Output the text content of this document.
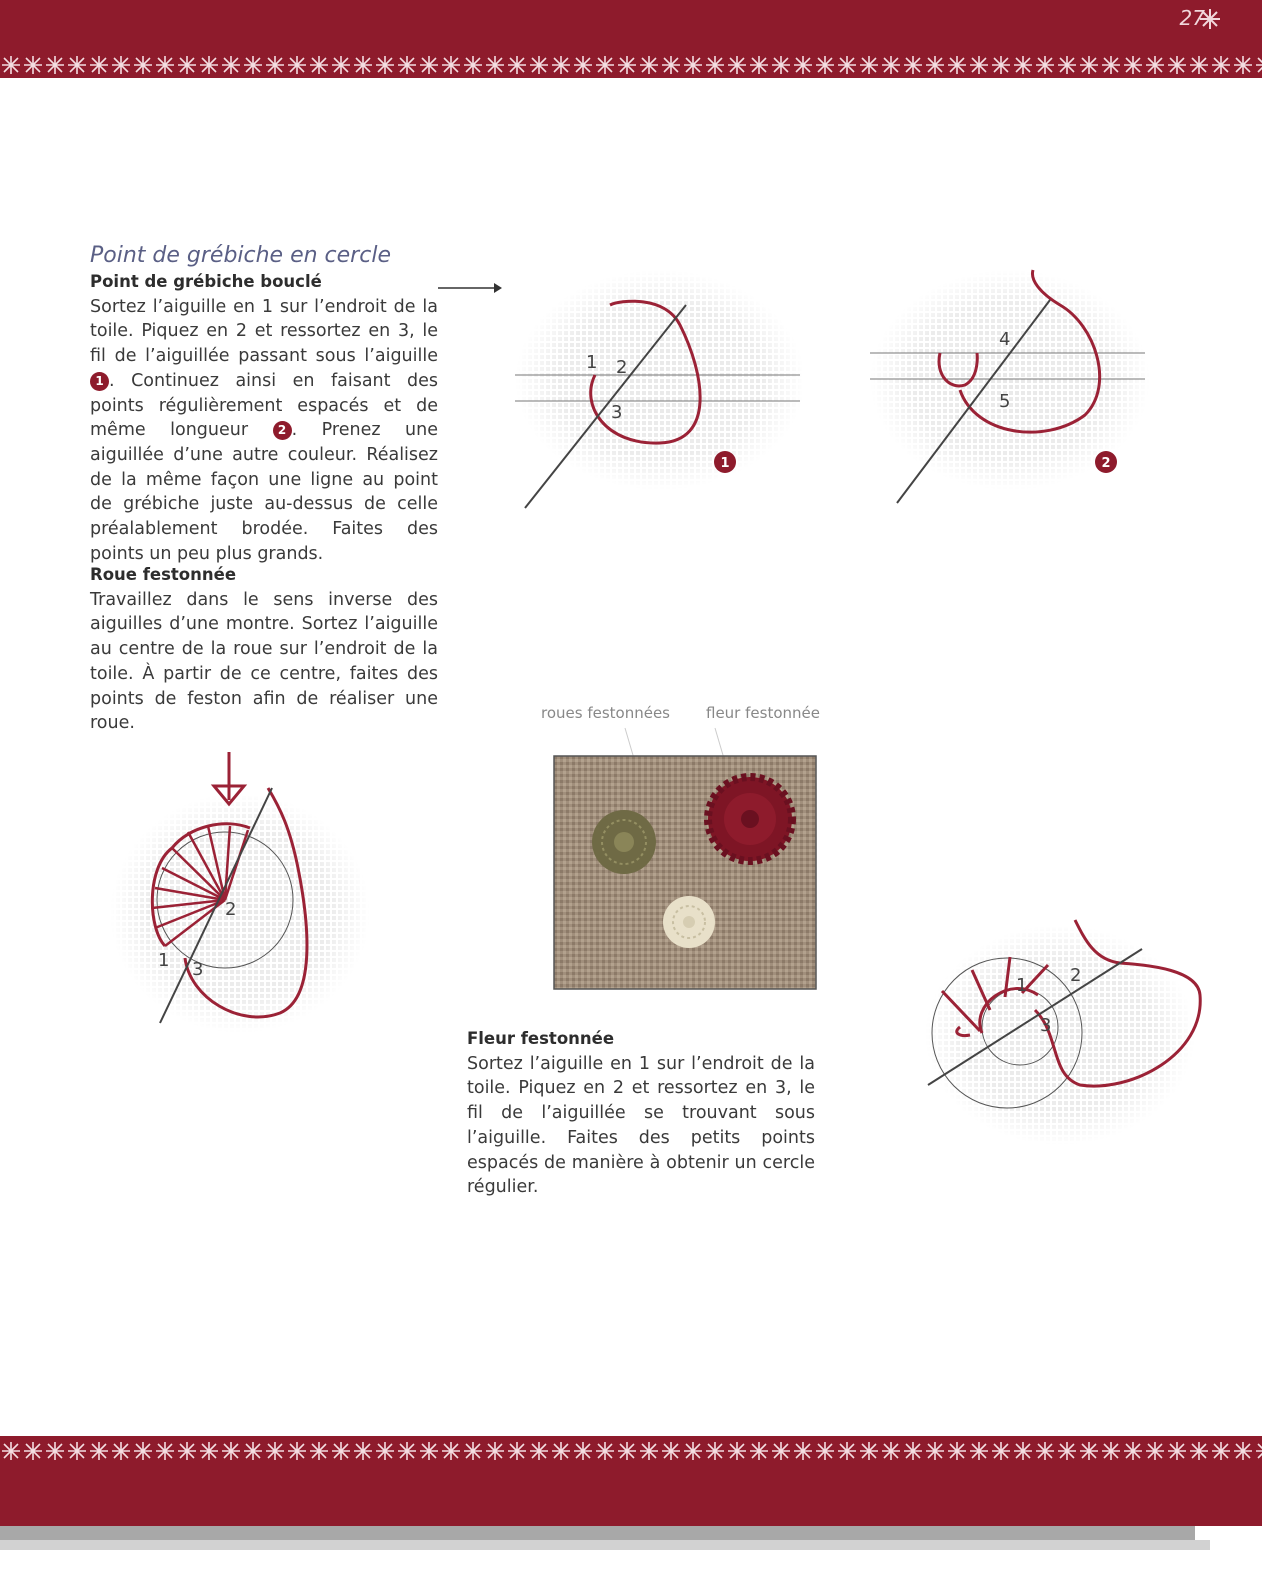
27

Point de grébiche en cercle

Point de grébiche bouclé

Sortez l’aiguille en 1 sur l’endroit de la toile. Piquez en 2 et ressortez en 3, le fil de l’aiguillée passant sous l’aiguille 1 . Continuez ainsi en faisant des points régulièrement espacés et de même longueur 2 . Prenez une aiguillée d’une autre couleur. Réalisez de la même façon une ligne au point de grébiche juste au-dessus de celle préalablement brodée. Faites des points un peu plus grands.

Roue festonnée

Travaillez dans le sens inverse des aiguilles d’une montre. Sortez l’aiguille au centre de la roue sur l’endroit de la toile. À partir de ce centre, faites des points de feston afin de réaliser une roue.

Fleur festonnée

Sortez l’aiguille en 1 sur l’endroit de la toile. Piquez en 2 et ressortez en 3, le fil de l’aiguillée se trouvant sous l’aiguille. Faites des petits points espacés de manière à obtenir un cercle régulier.

1 2
3
1
4
5
2
2
1 3
roues festonnées fleur festonnée
1 2
3
